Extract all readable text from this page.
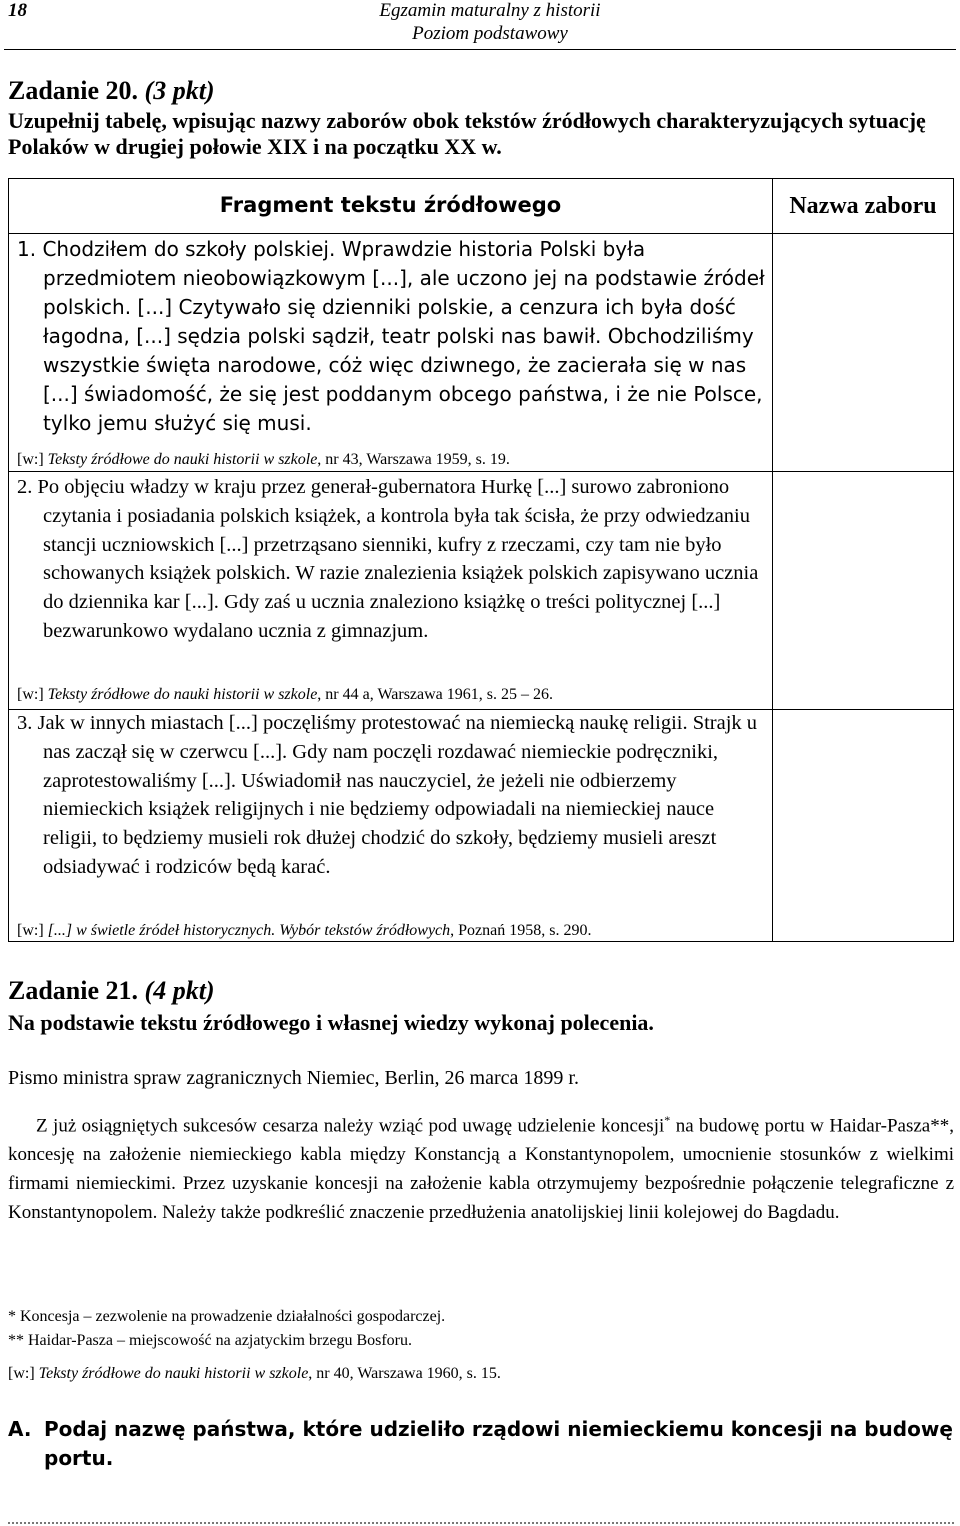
18	Egzamin maturalny z historii
Poziom podstawowy
Zadanie 20. (3 pkt)
Uzupełnij tabelę, wpisując nazwy zaborów obok tekstów źródłowych charakteryzujących sytuację Polaków w drugiej połowie XIX i na początku XX w.
Fragment tekstu źródłowego	Nazwa zaboru
1. Chodziłem do szkoły polskiej. Wprawdzie historia Polski była przedmiotem nieobowiązkowym [...], ale uczono jej na podstawie źródeł polskich. [...] Czytywało się dzienniki polskie, a cenzura ich była dość łagodna, [...] sędzia polski sądził, teatr polski nas bawił. Obchodziliśmy wszystkie święta narodowe, cóż więc dziwnego, że zacierała się w nas [...] świadomość, że się jest poddanym obcego państwa, i że nie Polsce, tylko jemu służyć się musi.
[w:] Teksty źródłowe do nauki historii w szkole, nr 43, Warszawa 1959, s. 19.
2. Po objęciu władzy w kraju przez generał-gubernatora Hurkę [...] surowo zabroniono czytania i posiadania polskich książek, a kontrola była tak ścisła, że przy odwiedzaniu stancji uczniowskich [...] przetrząsano sienniki, kufry z rzeczami, czy tam nie było schowanych książek polskich. W razie znalezienia książek polskich zapisywano ucznia do dziennika kar [...]. Gdy zaś u ucznia znaleziono książkę o treści politycznej [...] bezwarunkowo wydalano ucznia z gimnazjum.
[w:] Teksty źródłowe do nauki historii w szkole, nr 44 a, Warszawa 1961, s. 25 – 26.
3. Jak w innych miastach [...] poczęliśmy protestować na niemiecką naukę religii. Strajk u nas zaczął się w czerwcu [...]. Gdy nam poczęli rozdawać niemieckie podręczniki, zaprotestowaliśmy [...]. Uświadomił nas nauczyciel, że jeżeli nie odbierzemy niemieckich książek religijnych i nie będziemy odpowiadali na niemieckiej nauce religii, to będziemy musieli rok dłużej chodzić do szkoły, będziemy musieli areszt odsiadywać i rodziców będą karać.
[w:] [...] w świetle źródeł historycznych. Wybór tekstów źródłowych, Poznań 1958, s. 290.
Zadanie 21. (4 pkt)
Na podstawie tekstu źródłowego i własnej wiedzy wykonaj polecenia.
Pismo ministra spraw zagranicznych Niemiec, Berlin, 26 marca 1899 r.
Z już osiągniętych sukcesów cesarza należy wziąć pod uwagę udzielenie koncesji* na budowę portu w Haidar-Pasza**, koncesję na założenie niemieckiego kabla między Konstancją a Konstantynopolem, umocnienie stosunków z wielkimi firmami niemieckimi. Przez uzyskanie koncesji na założenie kabla otrzymujemy bezpośrednie połączenie telegraficzne z Konstantynopolem. Należy także podkreślić znaczenie przedłużenia anatolijskiej linii kolejowej do Bagdadu.
* Koncesja – zezwolenie na prowadzenie działalności gospodarczej.
** Haidar-Pasza – miejscowość na azjatyckim brzegu Bosforu.
[w:] Teksty źródłowe do nauki historii w szkole, nr 40, Warszawa 1960, s. 15.
A. Podaj nazwę państwa, które udzieliło rządowi niemieckiemu koncesji na budowę
portu.
